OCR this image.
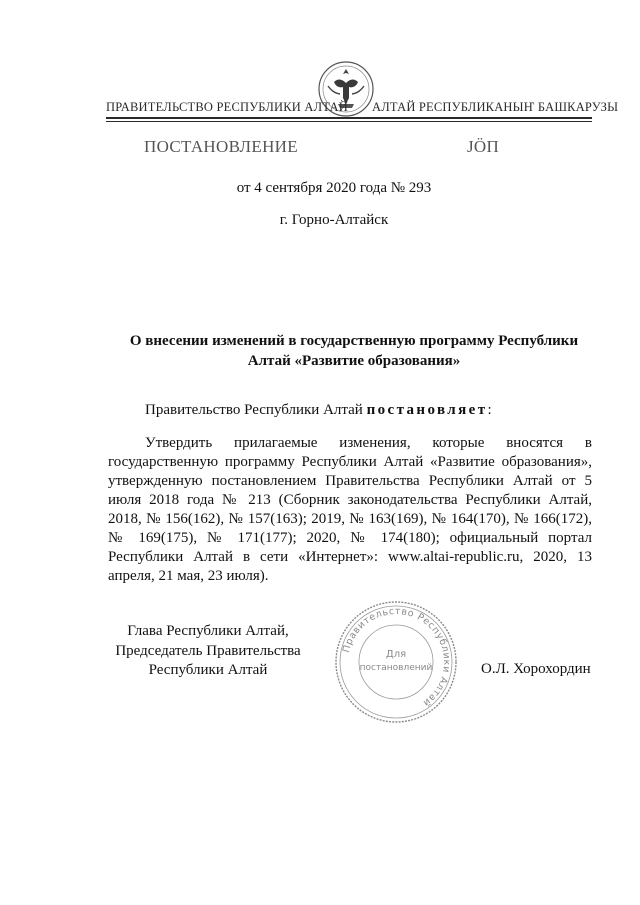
ПРАВИТЕЛЬСТВО РЕСПУБЛИКИ АЛТАЙ АЛТАЙ РЕСПУБЛИКАНЫҤ БАШКАРУЗЫ
ПОСТАНОВЛЕНИЕ	JӦП
от 4 сентября 2020 года № 293
г. Горно-Алтайск
О внесении изменений в государственную программу Республики Алтай «Развитие образования»
Правительство Республики Алтай постановляет:

Утвердить прилагаемые изменения, которые вносятся в государственную программу Республики Алтай «Развитие образования», утвержденную постановлением Правительства Республики Алтай от 5 июля 2018 года № 213 (Сборник законодательства Республики Алтай, 2018, № 156(162), № 157(163); 2019, № 163(169), № 164(170), № 166(172), № 169(175), № 171(177); 2020, № 174(180); официальный портал Республики Алтай в сети «Интернет»: www.altai-republic.ru, 2020, 13 апреля, 21 мая, 23 июля).

Глава Республики Алтай,
Председатель Правительства
Республики Алтай
Правительство Республики Алтай
Для
постановлений	О.Л. Хорохордин
